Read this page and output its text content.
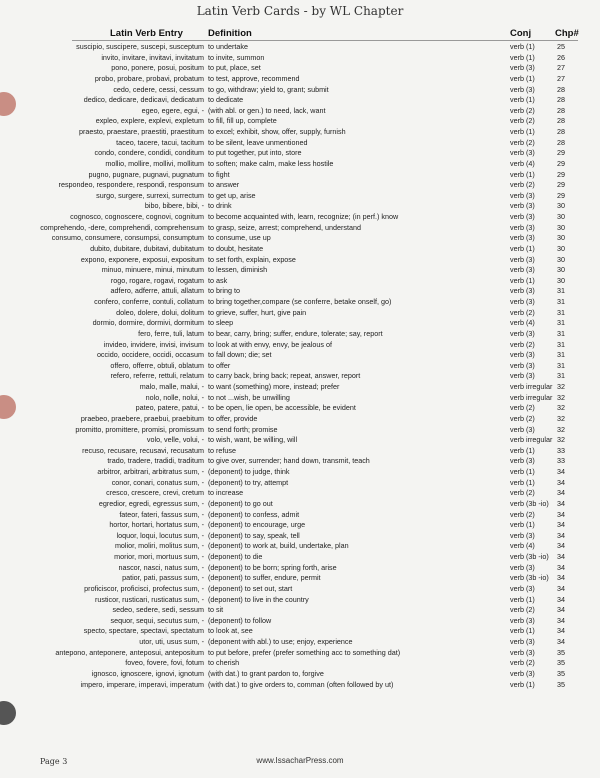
Latin Verb Cards - by WL Chapter
Latin Verb Entry	Definition	Conj	Chp#
suscipio, suscipere, suscepi, susceptum to undertake	verb (1)	25
invito, invitare, invitavi, invitatum to invite, summon	verb (1)	26
pono, ponere, posui, positum to put, place, set	verb (3)	27
probo, probare, probavi, probatum to test, approve, recommend	verb (1)	27
cedo, cedere, cessi, cessum to go, withdraw; yield to, grant; submit	verb (3)	28
dedico, dedicare, dedicavi, dedicatum to dedicate	verb (1)	28
egeo, egere, egui, - (with abl. or gen.) to need, lack, want	verb (2)	28
expleo, explere, explevi, expletum to fill, fill up, complete	verb (2)	28
praesto, praestare, praestiti, praestitum to excel; exhibit, show, offer, supply, furnish	verb (1)	28
taceo, tacere, tacui, tacitum to be silent, leave unmentioned	verb (2)	28
condo, condere, condidi, conditum to put together, put into, store	verb (3)	29
mollio, mollire, mollivi, mollitum to soften; make calm, make less hostile	verb (4)	29
pugno, pugnare, pugnavi, pugnatum to fight	verb (1)	29
respondeo, respondere, respondi, responsum to answer	verb (2)	29
surgo, surgere, surrexi, surrectum to get up, arise	verb (3)	29
bibo, bibere, bibi, - to drink	verb (3)	30
cognosco, cognoscere, cognovi, cognitum to become acquainted with, learn, recognize; (in perf.) know	verb (3)	30
comprehendo, -dere, comprehendi, comprehensum to grasp, seize, arrest; comprehend, understand	verb (3)	30
consumo, consumere, consumpsi, consumptum to consume, use up	verb (3)	30
dubito, dubitare, dubitavi, dubitatum to doubt, hesitate	verb (1)	30
expono, exponere, exposui, expositum to set forth, explain, expose	verb (3)	30
minuo, minuere, minui, minutum to lessen, diminish	verb (3)	30
rogo, rogare, rogavi, rogatum to ask	verb (1)	30
adfero, adferre, attuli, allatum to bring to	verb (3)	31
confero, conferre, contuli, collatum to bring together,compare (se conferre, betake onself, go)	verb (3)	31
doleo, dolere, dolui, dolitum to grieve, suffer, hurt, give pain	verb (2)	31
dormio, dormire, dormivi, dormitum to sleep	verb (4)	31
fero, ferre, tuli, latum to bear, carry, bring; suffer, endure, tolerate; say, report	verb (3)	31
invideo, invidere, invisi, invisum to look at with envy, envy, be jealous of	verb (2)	31
occido, occidere, occidi, occasum to fall down; die; set	verb (3)	31
offero, offerre, obtuli, oblatum to offer	verb (3)	31
refero, referre, rettuli, relatum to carry back, bring back; repeat, answer, report	verb (3)	31
malo, malle, malui, - to want (something) more, instead; prefer	verb irregular 32
nolo, nolle, nolui, - to not ...wish, be unwilling	verb irregular 32
pateo, patere, patui, - to be open, lie open, be accessible, be evident	verb (2)	32
praebeo, praebere, praebui, praebitum to offer, provide	verb (2)	32
promitto, promittere, promisi, promissum to send forth; promise	verb (3)	32
volo, velle, volui, - to wish, want, be willing, will	verb irregular 32
recuso, recusare, recusavi, recusatum to refuse	verb (1)	33
trado, tradere, tradidi, traditum to give over, surrender; hand down, transmit, teach	verb (3)	33
arbitror, arbitrari, arbitratus sum, - (deponent) to judge, think	verb (1)	34
conor, conari, conatus sum, - (deponent) to try, attempt	verb (1)	34
cresco, crescere, crevi, cretum to increase	verb (2)	34
egredior, egredi, egressus sum, - (deponent) to go out	verb (3b -io) 34
fateor, fateri, fassus sum, - (deponent) to confess, admit	verb (2)	34
hortor, hortari, hortatus sum, - (deponent) to encourage, urge	verb (1)	34
loquor, loqui, locutus sum, - (deponent) to say, speak, tell	verb (3)	34
molior, moliri, molitus sum, - (deponent) to work at, build, undertake, plan	verb (4)	34
morior, mori, mortuus sum, - (deponent) to die	verb (3b -io) 34
nascor, nasci, natus sum, - (deponent) to be born; spring forth, arise	verb (3)	34
patior, pati, passus sum, - (deponent) to suffer, endure, permit	verb (3b -io) 34
proficiscor, proficisci, profectus sum, - (deponent) to set out, start	verb (3)	34
rusticor, rusticari, rusticatus sum, - (deponent) to live in the country	verb (1)	34
sedeo, sedere, sedi, sessum to sit	verb (2)	34
sequor, sequi, secutus sum, - (deponent) to follow	verb (3)	34
specto, spectare, spectavi, spectatum to look at, see	verb (1)	34
utor, uti, usus sum, - (deponent with abl.) to use; enjoy, experience	verb (3)	34
antepono, anteponere, anteposui, antepositum to put before, prefer (prefer something acc to something dat)	verb (3)	35
foveo, fovere, fovi, fotum to cherish	verb (2)	35
ignosco, ignoscere, ignovi, ignotum (with dat.) to grant pardon to, forgive	verb (3)	35
impero, imperare, imperavi, imperatum (with dat.) to give orders to, comman (often followed by ut)	verb (1)	35
Page 3	www.IssacharPress.com
